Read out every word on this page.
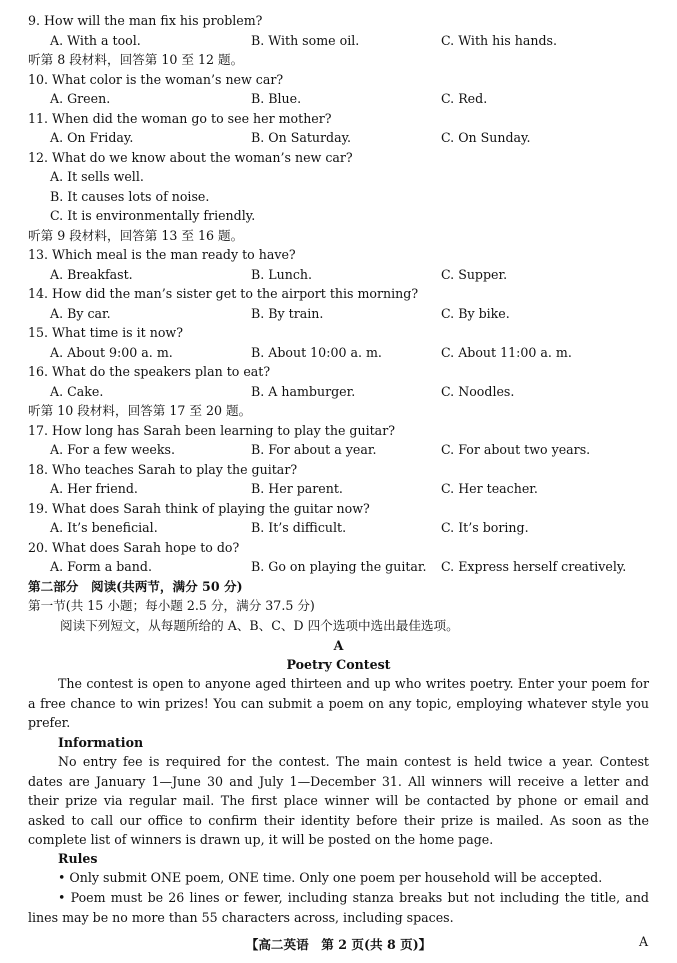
9. How will the man fix his problem?
A. With a tool.	B. With some oil.	C. With his hands.
听第 8 段材料，回答第 10 至 12 题。
10. What color is the woman’s new car?
A. Green.	B. Blue.	C. Red.
11. When did the woman go to see her mother?
A. On Friday.	B. On Saturday.	C. On Sunday.
12. What do we know about the woman’s new car?
A. It sells well.
B. It causes lots of noise.
C. It is environmentally friendly.
听第 9 段材料，回答第 13 至 16 题。
13. Which meal is the man ready to have?
A. Breakfast.	B. Lunch.	C. Supper.
14. How did the man’s sister get to the airport this morning?
A. By car.	B. By train.	C. By bike.
15. What time is it now?
A. About 9:00 a. m.	B. About 10:00 a. m.	C. About 11:00 a. m.
16. What do the speakers plan to eat?
A. Cake.	B. A hamburger.	C. Noodles.
听第 10 段材料，回答第 17 至 20 题。
17. How long has Sarah been learning to play the guitar?
A. For a few weeks.	B. For about a year.	C. For about two years.
18. Who teaches Sarah to play the guitar?
A. Her friend.	B. Her parent.	C. Her teacher.
19. What does Sarah think of playing the guitar now?
A. It’s beneficial.	B. It’s difficult.	C. It’s boring.
20. What does Sarah hope to do?
A. Form a band.	B. Go on playing the guitar. C. Express herself creatively.
第二部分　阅读(共两节，满分 50 分)
第一节(共 15 小题；每小题 2.5 分，满分 37.5 分)
阅读下列短文，从每题所给的 A、B、C、D 四个选项中选出最佳选项。
A
Poetry Contest

The contest is open to anyone aged thirteen and up who writes poetry. Enter your poem for a free chance to win prizes! You can submit a poem on any topic, employing whatever style you prefer.

Information

No entry fee is required for the contest. The main contest is held twice a year. Contest dates are January 1—June 30 and July 1—December 31. All winners will receive a letter and their prize via regular mail. The first place winner will be contacted by phone or email and asked to call our office to confirm their identity before their prize is mailed. As soon as the complete list of winners is drawn up, it will be posted on the home page.

Rules

• Only submit ONE poem, ONE time. Only one poem per household will be accepted.

• Poem must be 26 lines or fewer, including stanza breaks but not including the title, and lines may be no more than 55 characters across, including spaces.

【高二英语　第 2 页(共 8 页)】	A
